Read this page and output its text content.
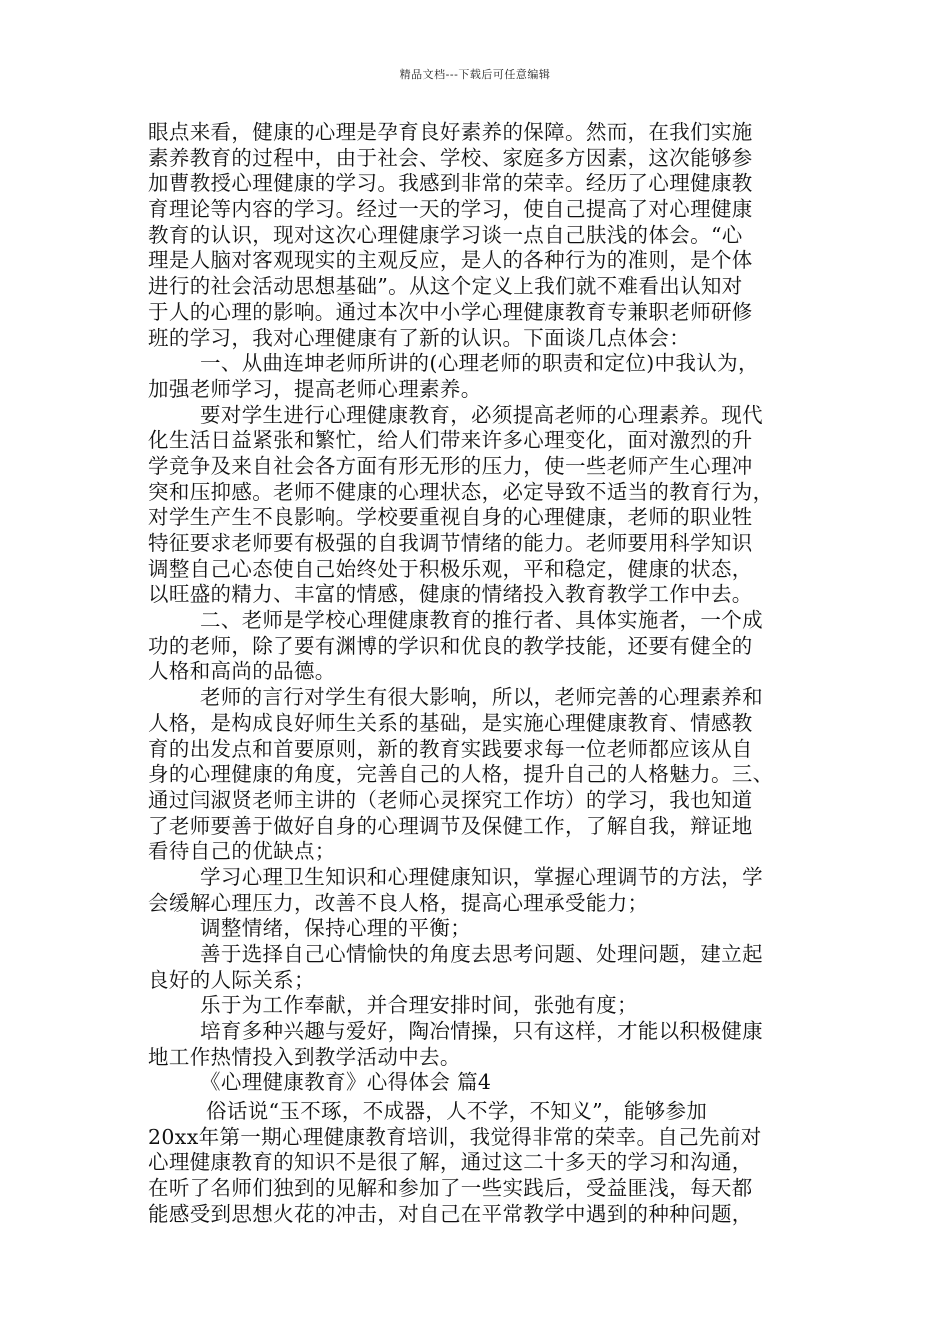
精品文档---下载后可任意编辑
眼点来看，健康的心理是孕育良好素养的保障。然而，在我们实施
素养教育的过程中，由于社会、学校、家庭多方因素，这次能够参
加曹教授心理健康的学习。我感到非常的荣幸。经历了心理健康教
育理论等内容的学习。经过一天的学习，使自己提高了对心理健康
教育的认识，现对这次心理健康学习谈一点自己肤浅的体会。“心
理是人脑对客观现实的主观反应，是人的各种行为的准则，是个体
进行的社会活动思想基础”。从这个定义上我们就不难看出认知对
于人的心理的影响。通过本次中小学心理健康教育专兼职老师研修
班的学习，我对心理健康有了新的认识。下面谈几点体会：
一、从曲连坤老师所讲的(心理老师的职责和定位)中我认为，
加强老师学习，提高老师心理素养。
要对学生进行心理健康教育，必须提高老师的心理素养。现代
化生活日益紧张和繁忙，给人们带来许多心理变化，面对激烈的升
学竞争及来自社会各方面有形无形的压力，使一些老师产生心理冲
突和压抑感。老师不健康的心理状态，必定导致不适当的教育行为，
对学生产生不良影响。学校要重视自身的心理健康，老师的职业牲
特征要求老师要有极强的自我调节情绪的能力。老师要用科学知识
调整自己心态使自己始终处于积极乐观，平和稳定，健康的状态，
以旺盛的精力、丰富的情感，健康的情绪投入教育教学工作中去。
二、老师是学校心理健康教育的推行者、具体实施者，一个成
功的老师，除了要有渊博的学识和优良的教学技能，还要有健全的
人格和高尚的品德。
老师的言行对学生有很大影响，所以，老师完善的心理素养和
人格，是构成良好师生关系的基础，是实施心理健康教育、情感教
育的出发点和首要原则，新的教育实践要求每一位老师都应该从自
身的心理健康的角度，完善自己的人格，提升自己的人格魅力。三、
通过闫淑贤老师主讲的（老师心灵探究工作坊）的学习，我也知道
了老师要善于做好自身的心理调节及保健工作，了解自我，辩证地
看待自己的优缺点；
学习心理卫生知识和心理健康知识，掌握心理调节的方法，学
会缓解心理压力，改善不良人格，提高心理承受能力；
调整情绪，保持心理的平衡；
善于选择自己心情愉快的角度去思考问题、处理问题，建立起
良好的人际关系；
乐于为工作奉献，并合理安排时间，张弛有度；
培育多种兴趣与爱好，陶冶情操，只有这样，才能以积极健康
地工作热情投入到教学活动中去。
《心理健康教育》心得体会 篇4
俗话说“玉不琢，不成器，人不学，不知义”，能够参加
20xx年第一期心理健康教育培训，我觉得非常的荣幸。自己先前对
心理健康教育的知识不是很了解，通过这二十多天的学习和沟通，
在听了名师们独到的见解和参加了一些实践后，受益匪浅，每天都
能感受到思想火花的冲击，对自己在平常教学中遇到的种种问题，
